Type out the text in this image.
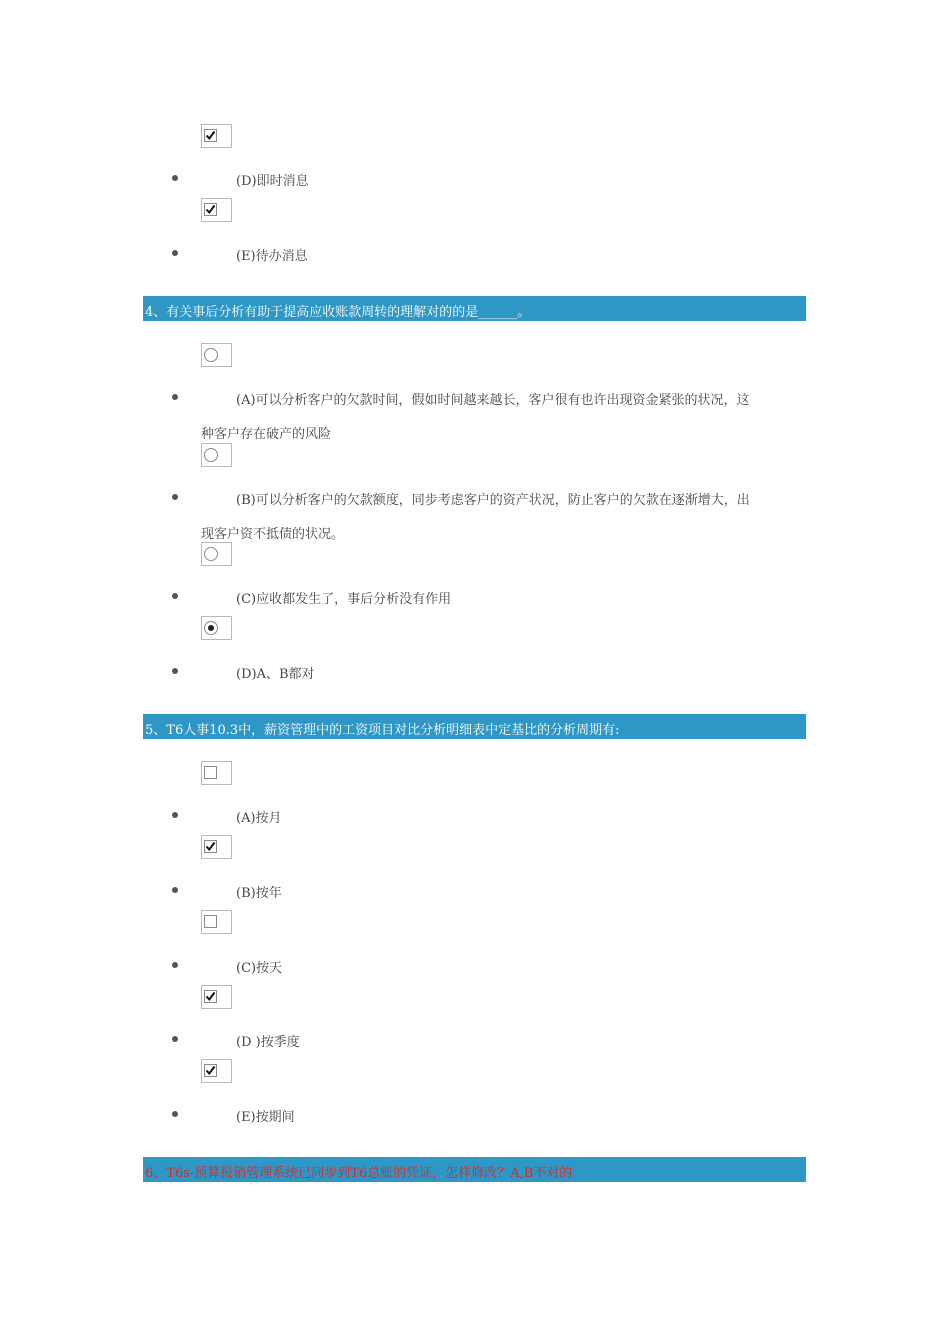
(D)即时消息
(E)待办消息
4、有关事后分析有助于提高应收账款周转的理解对的的是______。
(A)可以分析客户的欠款时间，假如时间越来越长，客户很有也许出现资金紧张的状况，这
种客户存在破产的风险
(B)可以分析客户的欠款额度，同步考虑客户的资产状况，防止客户的欠款在逐渐增大，出
现客户资不抵债的状况。
(C)应收都发生了，事后分析没有作用
(D)A、B都对
5、T6人事10.3中，薪资管理中的工资项目对比分析明细表中定基比的分析周期有:
(A)按月
(B)按年
(C)按天
(D )按季度
(E)按期间
6、T6s-预算报销管理系统已同步到T6总账的凭证，怎样修改？A,B不对的
